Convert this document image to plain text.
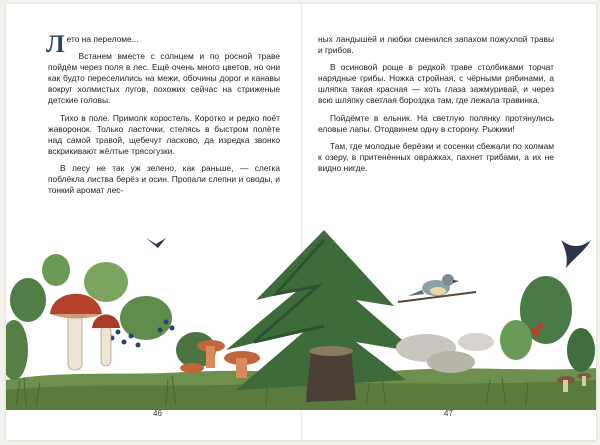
Лето на переломе...

Встанем вместе с солнцем и по росной траве пойдём через поля в лес. Ещё очень много цветов, но они как будто переселились на межи, обочины дорог и канавы вокруг холмистых лугов, похожих сейчас на стриженые детские головы.

Тихо в поле. Примолк коростель. Коротко и редко поёт жаворонок. Только ласточки, стелясь в быстром полёте над самой травой, щебечут ласково, да изредка звонко вскрикивают жёлтые трясогузки.

В лесу не так уж зелено, как раньше, — слегка поблёкла листва берёз и осин. Пропали слепни и оводы, и тонкий аромат лес-

ных ландышей и любки сменился запахом пожухлой травы и грибов.

В осиновой роще в редкой траве столбиками торчат нарядные грибы. Ножка стройная, с чёрными рябинами, а шляпка такая красная — хоть глаза зажмуривай, и через всю шляпку светлая бороздка там, где лежала травинка.

Пойдёмте в ельник. На светлую полянку протянулись еловые лапы. Отодвинем одну в сторону. Рыжики!

Там, где молодые берёзки и сосенки сбежали по холмам к озеру, в притенённых овражках, пахнет грибами, а их не видно нигде.

46	47
